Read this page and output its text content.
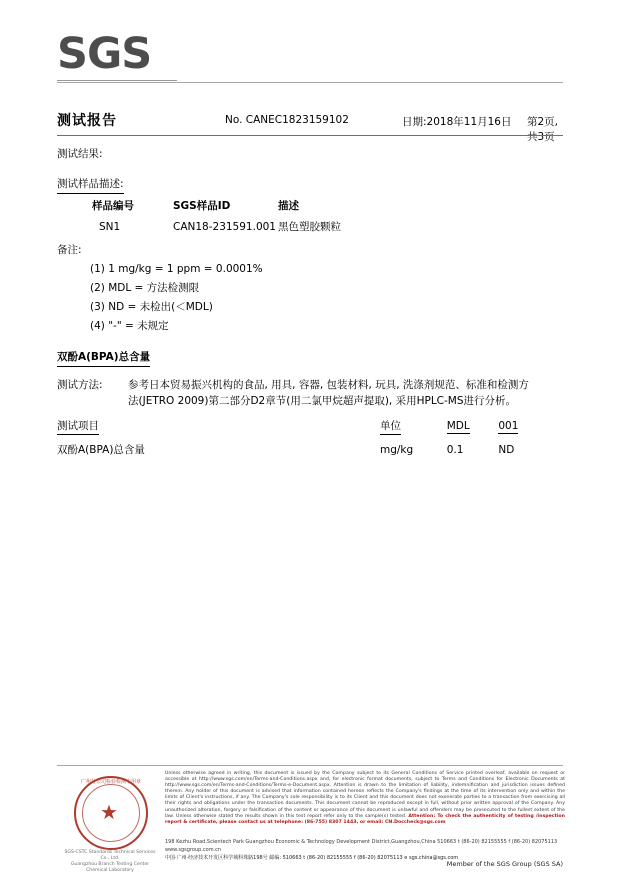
SGS
测试报告	No. CANEC1823159102	日期:2018年11月16日 第2页,共3页
测试结果:
测试样品描述:
样品编号	SGS样品ID	描述
SN1	CAN18-231591.001	黑色塑胶颗粒
备注:
(1) 1 mg/kg = 1 ppm = 0.0001%
(2) MDL = 方法检测限
(3) ND = 未检出(＜MDL)
(4) "-" = 未规定
双酚A(BPA)总含量
测试方法: 参考日本贸易振兴机构的食品, 用具, 容器, 包装材料, 玩具, 洗涤剂规范、标准和检测方
法(JETRO 2009)第二部分D2章节(用二氯甲烷超声提取), 采用HPLC-MS进行分析。
测试项目	单位	MDL	001
双酚A(BPA)总含量	mg/kg	0.1	ND
★
广州分公司检验检测专用章
SGS-CSTC Standards Technical Services Co., Ltd.
Guangzhou Branch Testing Center Chemical Laboratory
Unless otherwise agreed in writing, this document is issued by the Company subject to its General Conditions of Service printed overleaf, available on request or accessible at http://www.sgs.com/en/Terms-and-Conditions.aspx and, for electronic format documents, subject to Terms and Conditions for Electronic Documents at http://www.sgs.com/en/Terms-and-Conditions/Terms-e-Document.aspx. Attention is drawn to the limitation of liability, indemnification and jurisdiction issues defined therein. Any holder of this document is advised that information contained hereon reflects the Company's findings at the time of its intervention only and within the limits of Client's instructions, if any. The Company's sole responsibility is to its Client and this document does not exonerate parties to a transaction from exercising all their rights and obligations under the transaction documents. This document cannot be reproduced except in full, without prior written approval of the Company. Any unauthorized alteration, forgery or falsification of the content or appearance of this document is unlawful and offenders may be prosecuted to the fullest extent of the law. Unless otherwise stated the results shown in this test report refer only to the sample(s) tested. Attention: To check the authenticity of testing /inspection report & certificate, please contact us at telephone: (86-755) 8307 1443, or email: CN.Doccheck@sgs.com
198 Kezhu Road,Scientech Park Guangzhou Economic & Technology Development District,Guangzhou,China 510663 t (86-20) 82155555 f (86-20) 82075113 www.sgsgroup.com.cn
中国·广州·经济技术开发区科学城科珠路198号 邮编: 510663 t (86-20) 82155555 f (86-20) 82075113 e sgs.china@sgs.com
Member of the SGS Group (SGS SA)
